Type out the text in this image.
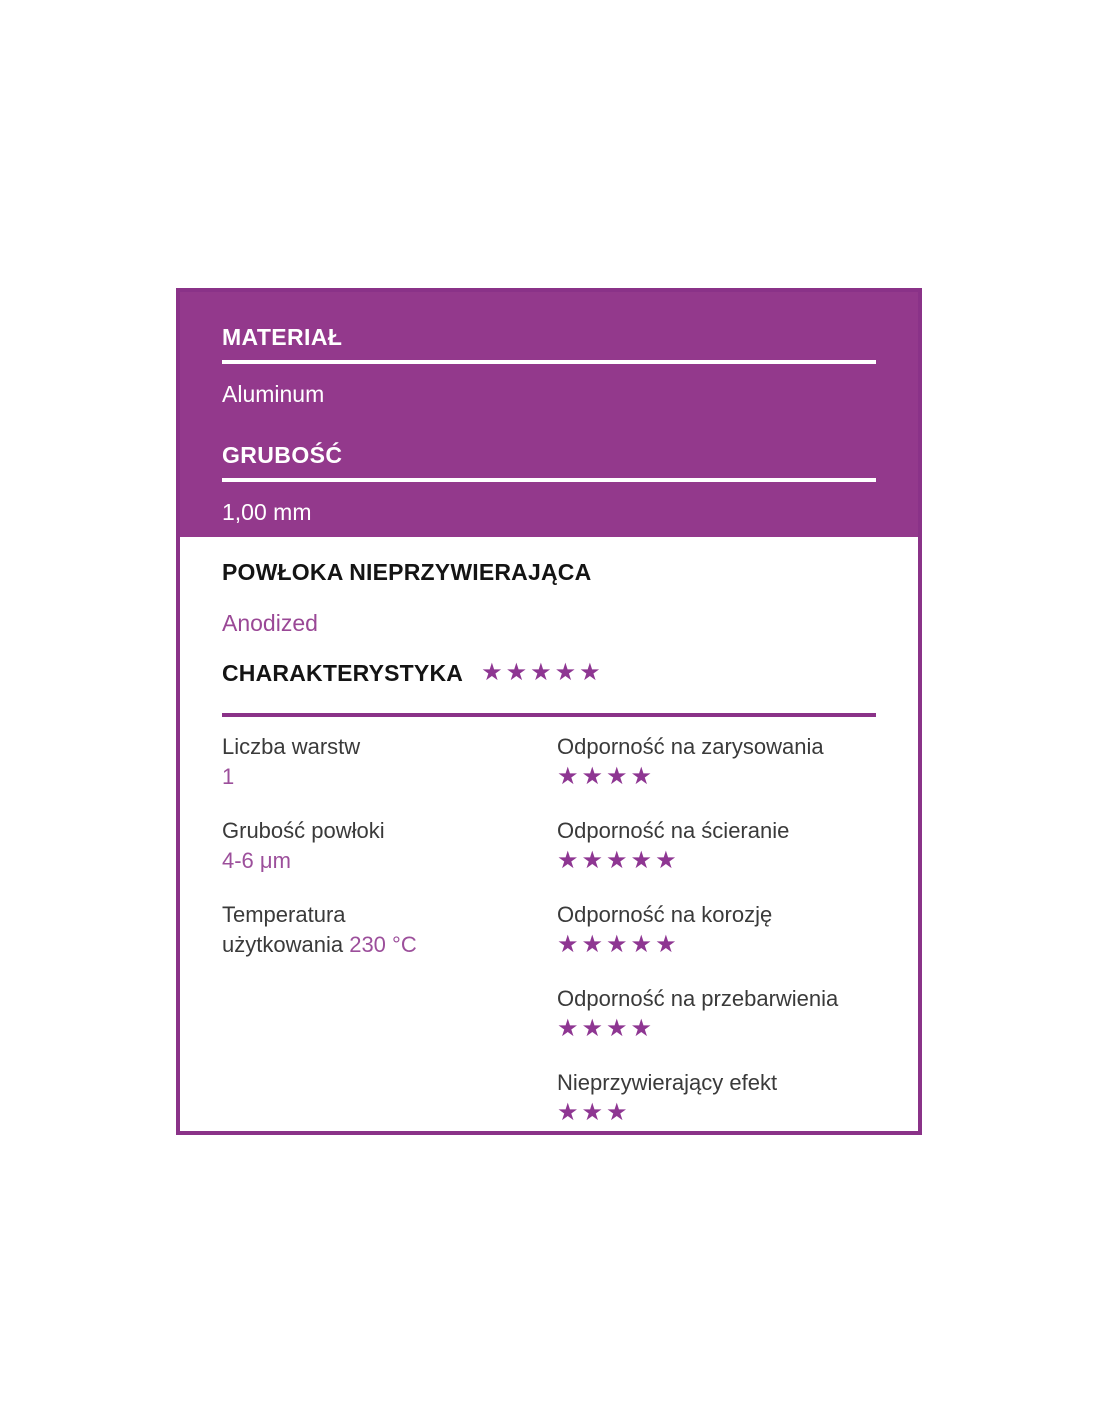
MATERIAŁ
Aluminum
GRUBOŚĆ
1,00 mm
POWŁOKA NIEPRZYWIERAJĄCA
Anodized
CHARAKTERYSTYKA ★★★★★
Liczba warstw
1
Odporność na zarysowania
★★★★
Grubość powłoki
4-6 μm
Odporność na ścieranie
★★★★★
Temperatura
użytkowania 230 °C
Odporność na korozję
★★★★★
Odporność na przebarwienia
★★★★
Nieprzywierający efekt
★★★
